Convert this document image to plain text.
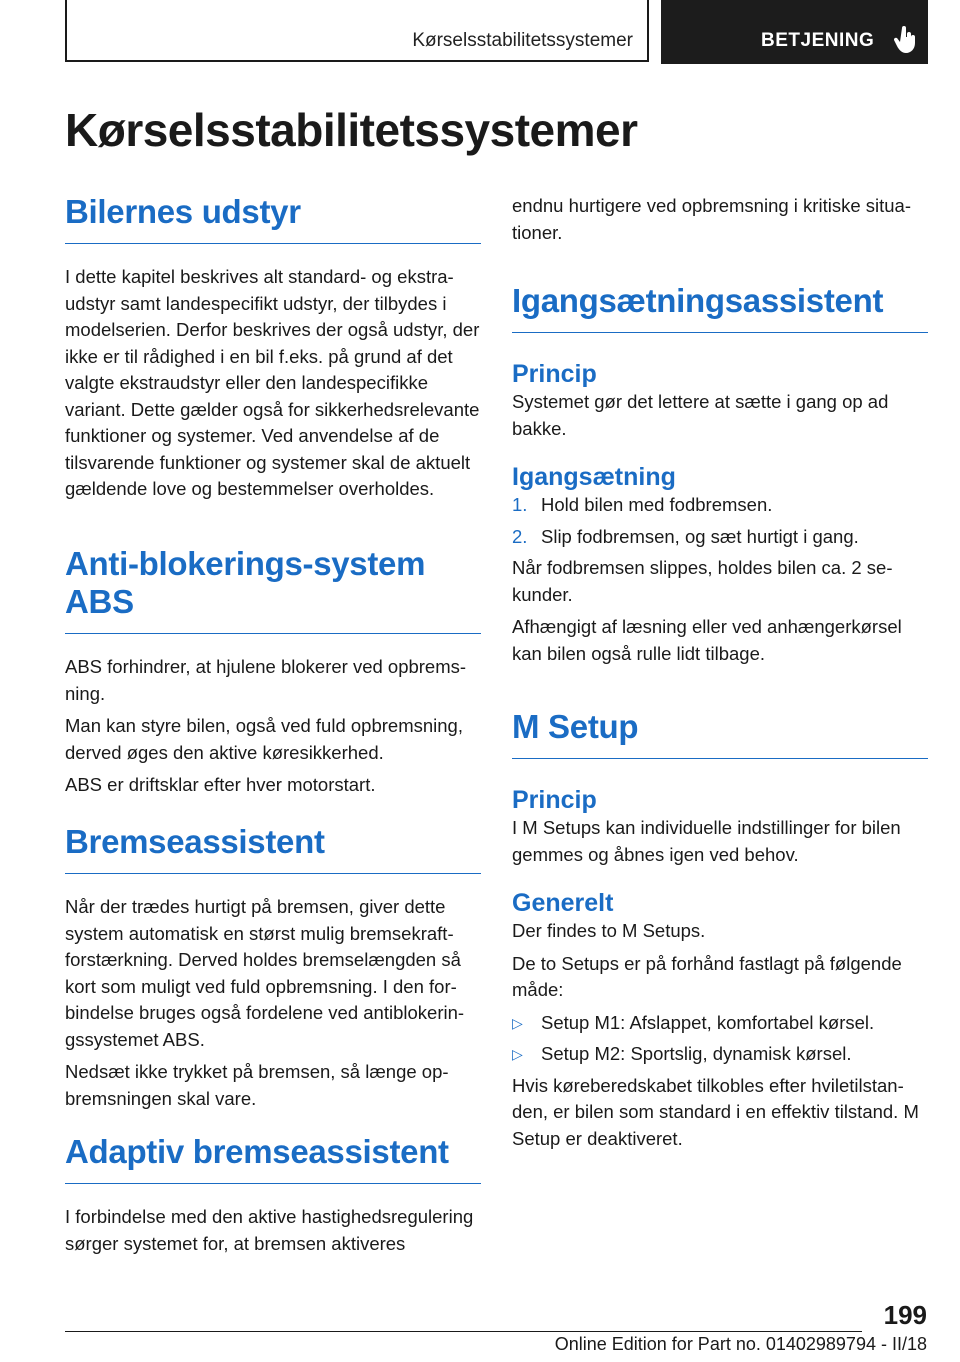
Kørselsstabilitetssystemer	BETJENING
Kørselsstabilitetssystemer
Bilernes udstyr

I dette kapitel beskrives alt standard- og ekstraudstyr samt landespecifikt udstyr, der tilbydes i modelserien. Derfor beskrives der også udstyr, der ikke er til rådighed i en bil f.eks. på grund af det valgte ekstraudstyr eller den landespecifikke variant. Dette gælder også for sikkerhedsrelevante funktioner og systemer. Ved anvendelse af de tilsvarende funktioner og systemer skal de aktuelt gældende love og bestemmelser overholdes.

Anti-blokerings-system ABS

ABS forhindrer, at hjulene blokerer ved opbremsning.

Man kan styre bilen, også ved fuld opbremsning, derved øges den aktive køresikkerhed.

ABS er driftsklar efter hver motorstart.

Bremseassistent

Når der trædes hurtigt på bremsen, giver dette system automatisk en størst mulig bremsekraftforstærkning. Derved holdes bremselængden så kort som muligt ved fuld opbremsning. I den forbindelse bruges også fordelene ved antiblokeringssystemet ABS.

Nedsæt ikke trykket på bremsen, så længe opbremsningen skal vare.

Adaptiv bremseassistent

I forbindelse med den aktive hastighedsregulering sørger systemet for, at bremsen aktiveres

endnu hurtigere ved opbremsning i kritiske situationer.

Igangsætningsassistent
Princip

Systemet gør det lettere at sætte i gang op ad bakke.

Igangsætning
1. Hold bilen med fodbremsen.
2. Slip fodbremsen, og sæt hurtigt i gang.

Når fodbremsen slippes, holdes bilen ca. 2 sekunder.

Afhængigt af læsning eller ved anhængerkørsel kan bilen også rulle lidt tilbage.

M Setup
Princip

I M Setups kan individuelle indstillinger for bilen gemmes og åbnes igen ved behov.

Generelt

Der findes to M Setups.

De to Setups er på forhånd fastlagt på følgende måde:

▷ Setup M1: Afslappet, komfortabel kørsel.
▷ Setup M2: Sportslig, dynamisk kørsel.

Hvis køreberedskabet tilkobles efter hviletilstanden, er bilen som standard i en effektiv tilstand. M Setup er deaktiveret.

199
Online Edition for Part no. 01402989794 - II/18
